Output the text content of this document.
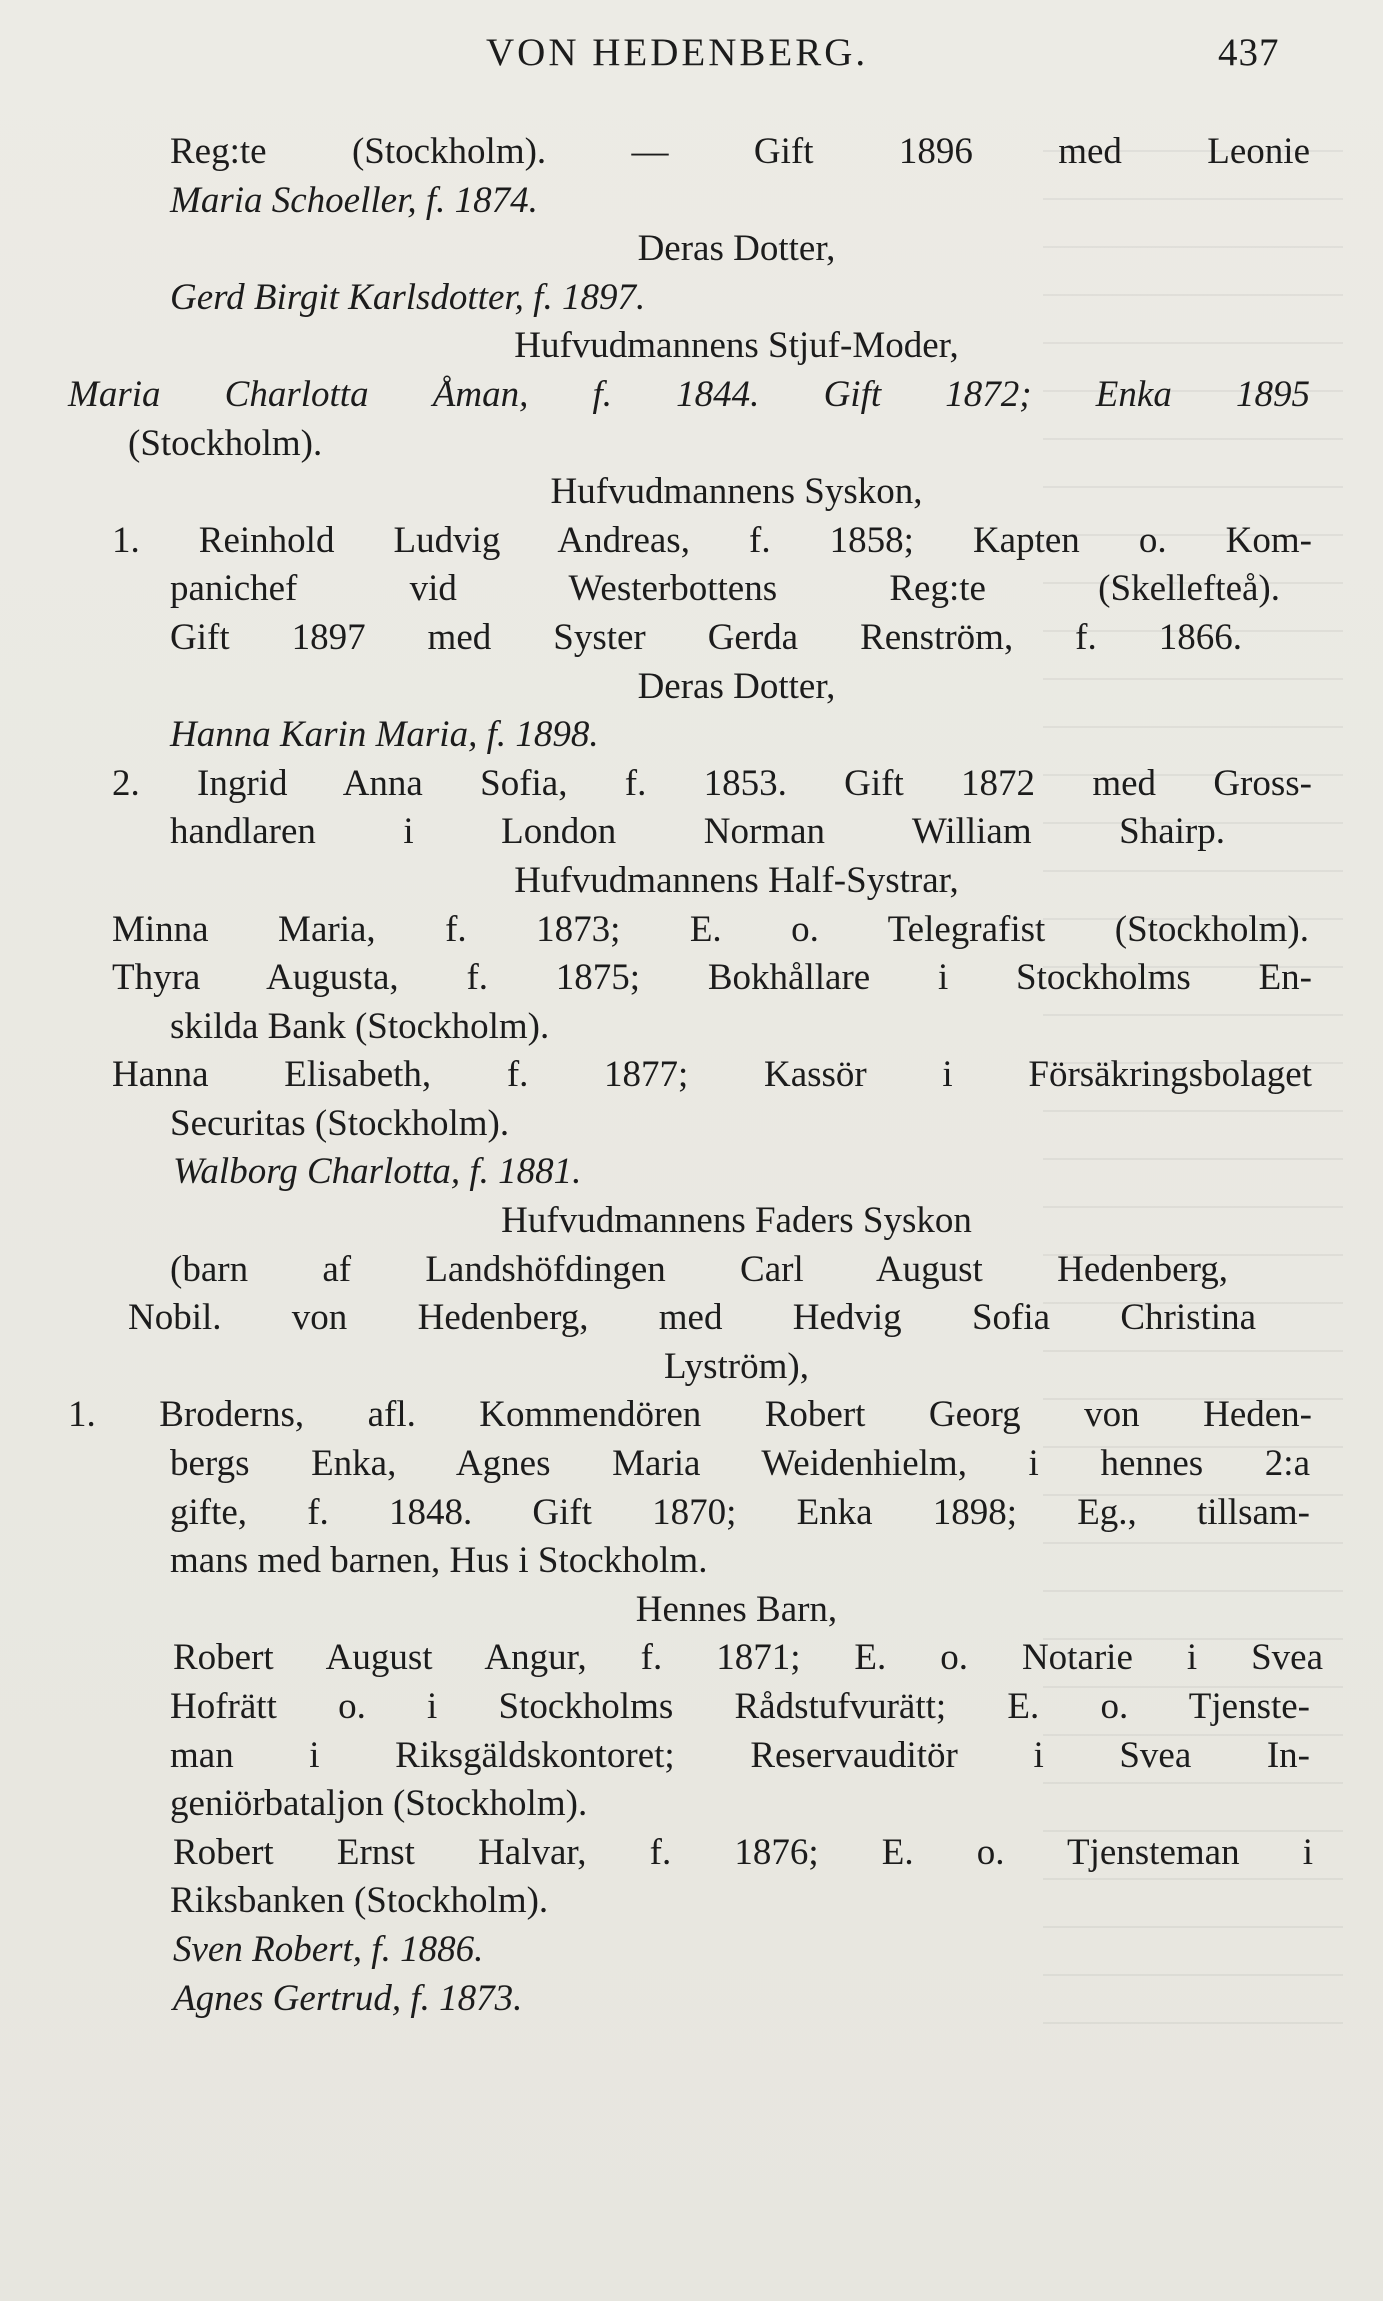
VON HEDENBERG.	437
Reg:te (Stockholm). — Gift 1896 med Leonie
Maria Schoeller, f. 1874.
Deras Dotter,
Gerd Birgit Karlsdotter, f. 1897.
Hufvudmannens Stjuf-Moder,
Maria Charlotta Åman, f. 1844. Gift 1872; Enka 1895
(Stockholm).
Hufvudmannens Syskon,
1. Reinhold Ludvig Andreas, f. 1858; Kapten o. Kom-
panichef vid Westerbottens Reg:te (Skellefteå).
Gift 1897 med Syster Gerda Renström, f. 1866.
Deras Dotter,
Hanna Karin Maria, f. 1898.
2. Ingrid Anna Sofia, f. 1853. Gift 1872 med Gross-
handlaren i London Norman William Shairp.
Hufvudmannens Half-Systrar,
Minna Maria, f. 1873; E. o. Telegrafist (Stockholm).
Thyra Augusta, f. 1875; Bokhållare i Stockholms En-
skilda Bank (Stockholm).
Hanna Elisabeth, f. 1877; Kassör i Försäkringsbolaget
Securitas (Stockholm).
Walborg Charlotta, f. 1881.
Hufvudmannens Faders Syskon
(barn af Landshöfdingen Carl August Hedenberg,
Nobil. von Hedenberg, med Hedvig Sofia Christina
Lyström),
1. Broderns, afl. Kommendören Robert Georg von Heden-
bergs Enka, Agnes Maria Weidenhielm, i hennes 2:a
gifte, f. 1848. Gift 1870; Enka 1898; Eg., tillsam-
mans med barnen, Hus i Stockholm.
Hennes Barn,
Robert August Angur, f. 1871; E. o. Notarie i Svea
Hofrätt o. i Stockholms Rådstufvurätt; E. o. Tjenste-
man i Riksgäldskontoret; Reservauditör i Svea In-
geniörbataljon (Stockholm).
Robert Ernst Halvar, f. 1876; E. o. Tjensteman i
Riksbanken (Stockholm).
Sven Robert, f. 1886.
Agnes Gertrud, f. 1873.
